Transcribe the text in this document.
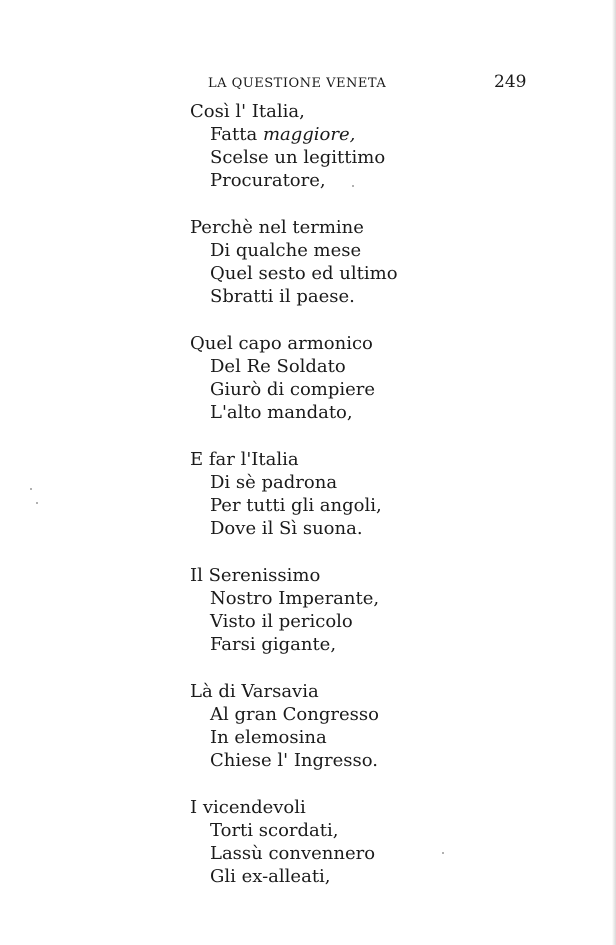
LA QUESTIONE VENETA	249
Così l' Italia,
Fatta maggiore,
Scelse un legittimo
Procuratore,
Perchè nel termine
Di qualche mese
Quel sesto ed ultimo
Sbratti il paese.
Quel capo armonico
Del Re Soldato
Giurò di compiere
L'alto mandato,
E far l'Italia
Di sè padrona
Per tutti gli angoli,
Dove il Sì suona.
Il Serenissimo
Nostro Imperante,
Visto il pericolo
Farsi gigante,
Là di Varsavia
Al gran Congresso
In elemosina
Chiese l' Ingresso.
I vicendevoli
Torti scordati,
Lassù convennero
Gli ex-alleati,
